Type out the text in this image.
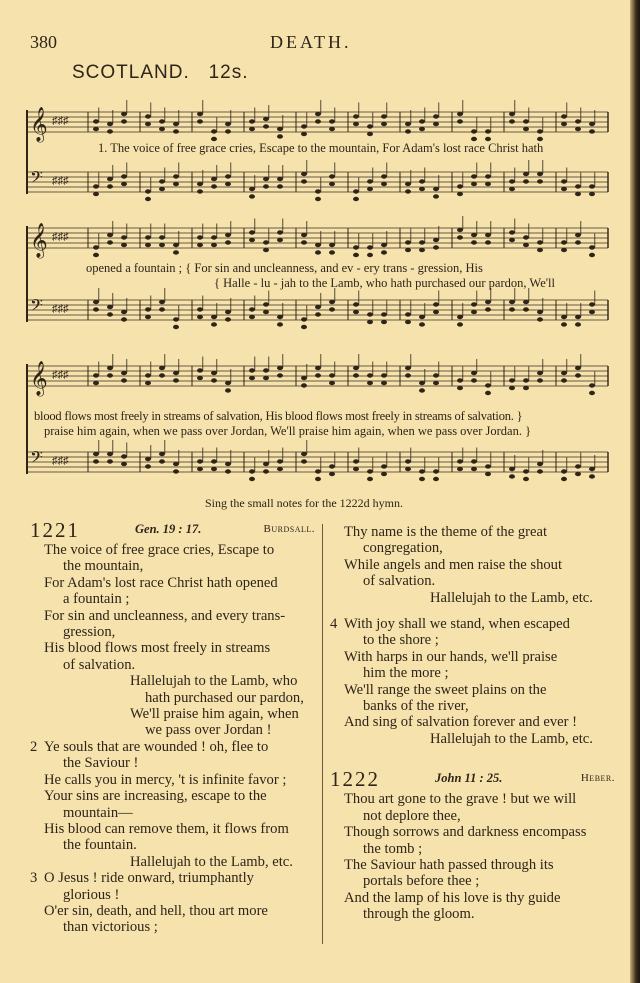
380	DEATH.
SCOTLAND. 12s.
𝄞 ♯♯♯
𝄢 ♯♯♯
𝄞 ♯♯♯
𝄢 ♯♯♯
𝄞 ♯♯♯
𝄢 ♯♯♯
1. The voice of free grace cries, Escape to the mountain, For Adam's lost race Christ hath
opened a fountain ; { For sin and uncleanness, and ev - ery trans - gression, His
{ Halle - lu - jah to the Lamb, who hath purchased our pardon, We'll
blood flows most freely in streams of salvation, His blood flows most freely in streams of salvation. }
praise him again, when we pass over Jordan, We'll praise him again, when we pass over Jordan. }
Sing the small notes for the 1222d hymn.
1221	Gen. 19 : 17.	Burdsall.
The voice of free grace cries, Escape to
the mountain,
For Adam's lost race Christ hath opened
a fountain ;
For sin and uncleanness, and every trans-
gression,
His blood flows most freely in streams
of salvation.
Hallelujah to the Lamb, who
hath purchased our pardon,
We'll praise him again, when
we pass over Jordan !
2 Ye souls that are wounded ! oh, flee to
the Saviour !
He calls you in mercy, 't is infinite favor ;
Your sins are increasing, escape to the
mountain—
His blood can remove them, it flows from
the fountain.
Hallelujah to the Lamb, etc.
3 O Jesus ! ride onward, triumphantly
glorious !
O'er sin, death, and hell, thou art more
than victorious ;
Thy name is the theme of the great
congregation,
While angels and men raise the shout
of salvation.
Hallelujah to the Lamb, etc.
4 With joy shall we stand, when escaped
to the shore ;
With harps in our hands, we'll praise
him the more ;
We'll range the sweet plains on the
banks of the river,
And sing of salvation forever and ever !
Hallelujah to the Lamb, etc.
1222	John 11 : 25.	Heber.
Thou art gone to the grave ! but we will
not deplore thee,
Though sorrows and darkness encompass
the tomb ;
The Saviour hath passed through its
portals before thee ;
And the lamp of his love is thy guide
through the gloom.
